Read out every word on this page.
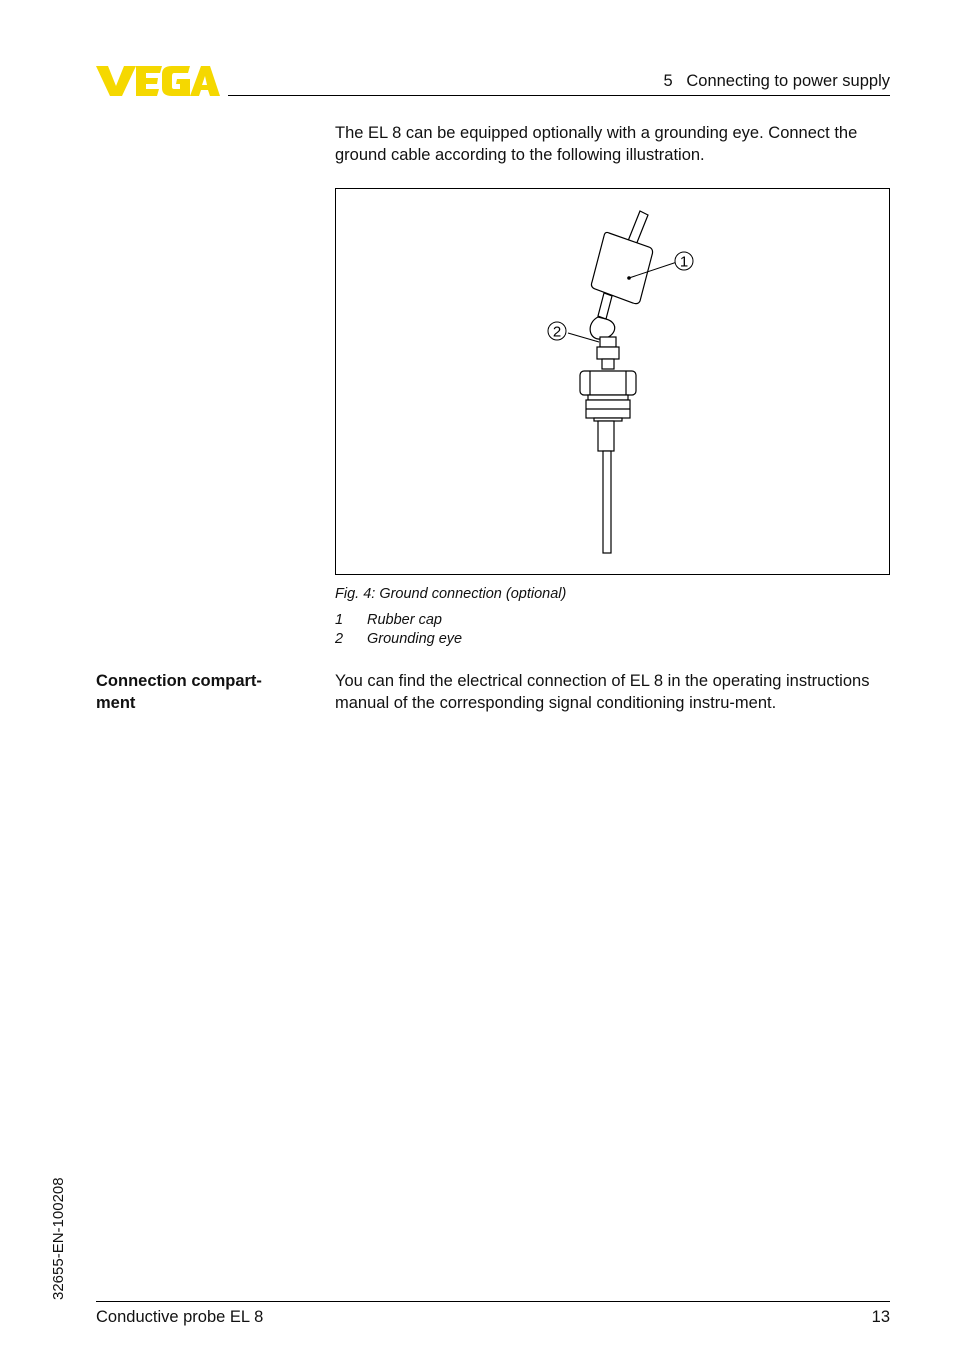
5   Connecting to power supply
The EL 8 can be equipped optionally with a grounding eye. Connect the ground cable according to the following illustration.
1
2
Fig. 4: Ground connection (optional)
1 Rubber cap
2 Grounding eye
Connection compart-
ment
You can find the electrical connection of EL 8 in the operating instructions manual of the corresponding signal conditioning instru-ment.
32655-EN-100208
Conductive probe EL 8	13
